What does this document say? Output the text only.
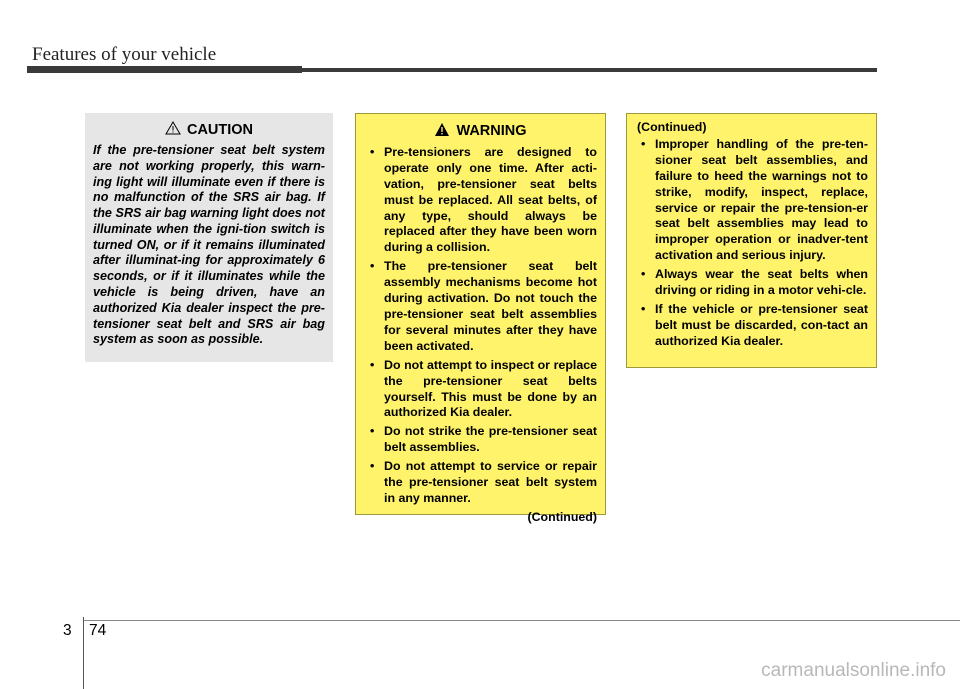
Features of your vehicle
CAUTION
If the pre-tensioner seat belt system are not working properly, this warn-ing light will illuminate even if there is no malfunction of the SRS air bag. If the SRS air bag warning light does not illuminate when the igni-tion switch is turned ON, or if it remains illuminated after illuminat-ing for approximately 6 seconds, or if it illuminates while the vehicle is being driven, have an authorized Kia dealer inspect the pre-tensioner seat belt and SRS air bag system as soon as possible.
WARNING
• Pre-tensioners are designed to operate only one time. After acti-vation, pre-tensioner seat belts must be replaced. All seat belts, of any type, should always be replaced after they have been worn during a collision.
• The pre-tensioner seat belt assembly mechanisms become hot during activation. Do not touch the pre-tensioner seat belt assemblies for several minutes after they have been activated.
• Do not attempt to inspect or replace the pre-tensioner seat belts yourself. This must be done by an authorized Kia dealer.
• Do not strike the pre-tensioner seat belt assemblies.
• Do not attempt to service or repair the pre-tensioner seat belt system in any manner.
(Continued)
(Continued)
• Improper handling of the pre-ten-sioner seat belt assemblies, and failure to heed the warnings not to strike, modify, inspect, replace, service or repair the pre-tension-er seat belt assemblies may lead to improper operation or inadver-tent activation and serious injury.
• Always wear the seat belts when driving or riding in a motor vehi-cle.
• If the vehicle or pre-tensioner seat belt must be discarded, con-tact an authorized Kia dealer.
3 74
carmanualsonline.info
